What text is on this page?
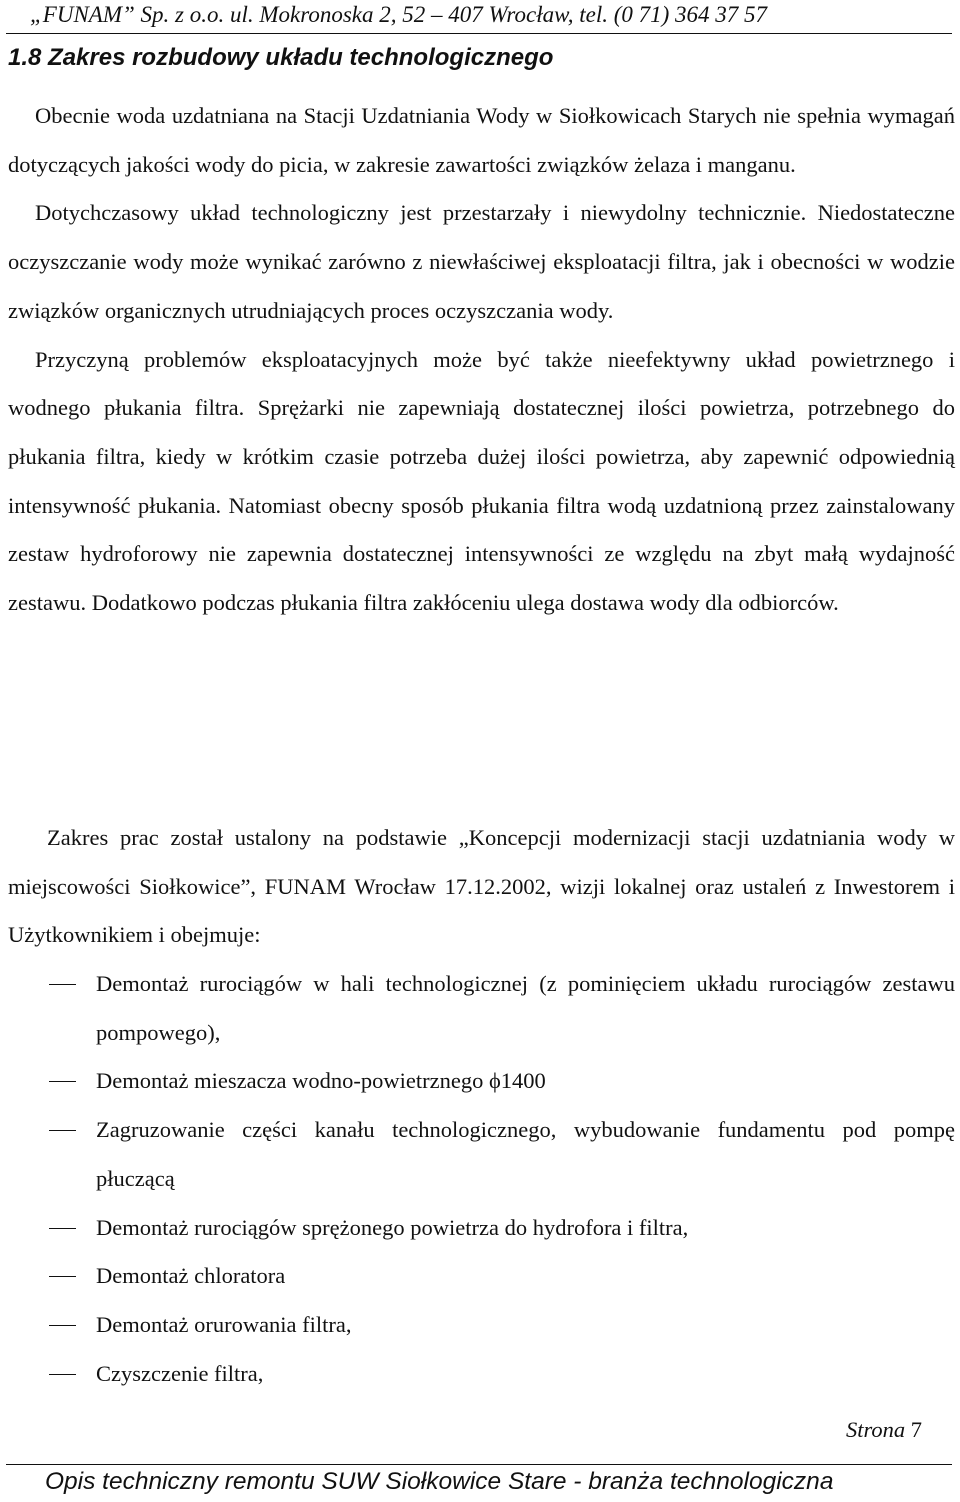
„FUNAM” Sp. z o.o. ul. Mokronoska 2, 52 – 407 Wrocław, tel. (0 71) 364 37 57
1.8 Zakres rozbudowy układu technologicznego

Obecnie woda uzdatniana na Stacji Uzdatniania Wody w Siołkowicach Starych nie spełnia wymagań dotyczących jakości wody do picia, w zakresie zawartości związków żelaza i manganu.

Dotychczasowy układ technologiczny jest przestarzały i niewydolny technicznie. Niedostateczne oczyszczanie wody może wynikać zarówno z niewłaściwej eksploatacji filtra, jak i obecności w wodzie związków organicznych utrudniających proces oczyszczania wody.

Przyczyną problemów eksploatacyjnych może być także nieefektywny układ powietrznego i wodnego płukania filtra. Sprężarki nie zapewniają dostatecznej ilości powietrza, potrzebnego do płukania filtra, kiedy w krótkim czasie potrzeba dużej ilości powietrza, aby zapewnić odpowiednią intensywność płukania. Natomiast obecny sposób płukania filtra wodą uzdatnioną przez zainstalowany zestaw hydroforowy nie zapewnia dostatecznej intensywności ze względu na zbyt małą wydajność zestawu. Dodatkowo podczas płukania filtra zakłóceniu ulega dostawa wody dla odbiorców.

Zakres prac został ustalony na podstawie „Koncepcji modernizacji stacji uzdatniania wody w miejscowości Siołkowice”, FUNAM Wrocław 17.12.2002, wizji lokalnej oraz ustaleń z Inwestorem i Użytkownikiem i obejmuje:

Demontaż rurociągów w hali technologicznej (z pominięciem układu rurociągów zestawu pompowego),
Demontaż mieszacza wodno-powietrznego ϕ1400
Zagruzowanie części kanału technologicznego, wybudowanie fundamentu pod pompę płuczącą
Demontaż rurociągów sprężonego powietrza do hydrofora i filtra,
Demontaż chloratora
Demontaż orurowania filtra,
Czyszczenie filtra,
Strona 7
Opis techniczny remontu SUW Siołkowice Stare - branża technologiczna
